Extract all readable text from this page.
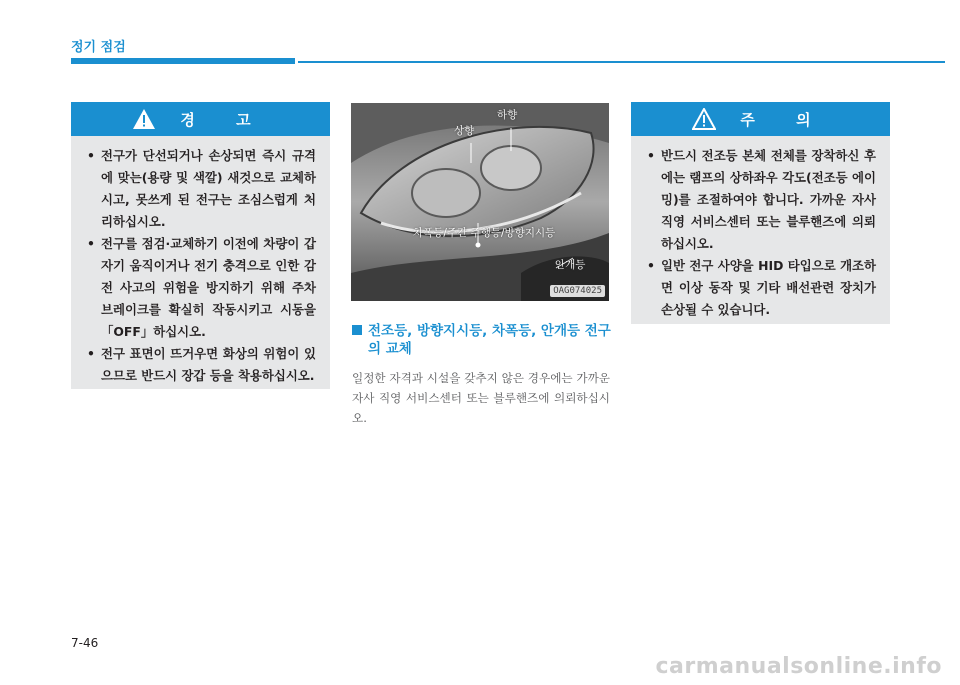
정기 점검
경 고
• 전구가 단선되거나 손상되면 즉시 규격에 맞는(용량 및 색깔) 새것으로 교체하시고, 못쓰게 된 전구는 조심스럽게 처리하십시오.
• 전구를 점검·교체하기 이전에 차량이 갑자기 움직이거나 전기 충격으로 인한 감전 사고의 위험을 방지하기 위해 주차 브레이크를 확실히 작동시키고 시동을 「OFF」하십시오.
• 전구 표면이 뜨거우면 화상의 위험이 있으므로 반드시 장갑 등을 착용하십시오.
상향
하향
차폭등/주간 주행등/방향지시등
안개등
OAG074025
전조등, 방향지시등, 차폭등, 안개등 전구
의 교체
일정한 자격과 시설을 갖추지 않은 경우에는 가까운 자사 직영 서비스센터 또는 블루핸즈에 의뢰하십시오.
주 의
• 반드시 전조등 본체 전체를 장착하신 후에는 램프의 상하좌우 각도(전조등 에이밍)를 조절하여야 합니다. 가까운 자사 직영 서비스센터 또는 블루핸즈에 의뢰하십시오.
• 일반 전구 사양을 HID 타입으로 개조하면 이상 동작 및 기타 배선관련 장치가 손상될 수 있습니다.
7-46
carmanualsonline.info
